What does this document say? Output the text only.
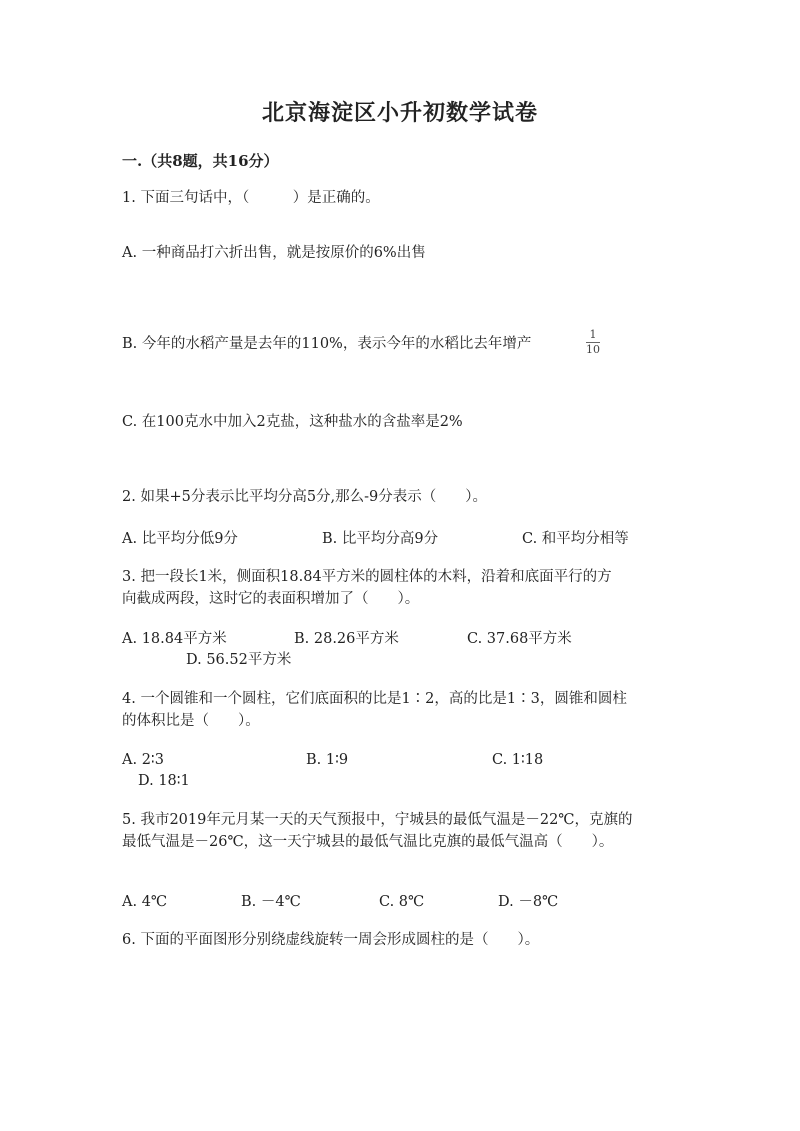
北京海淀区小升初数学试卷
一.（共8题，共16分）
1. 下面三句话中，（　　　）是正确的。
A. 一种商品打六折出售，就是按原价的6%出售
B. 今年的水稻产量是去年的110%，表示今年的水稻比去年增产
1
10
C. 在100克水中加入2克盐，这种盐水的含盐率是2%
2. 如果+5分表示比平均分高5分,那么-9分表示（　　）。
A. 比平均分低9分	B. 比平均分高9分	C. 和平均分相等
3. 把一段长1米，侧面积18.84平方米的圆柱体的木料，沿着和底面平行的方
向截成两段，这时它的表面积增加了（　　）。
A. 18.84平方米	B. 28.26平方米	C. 37.68平方米
D. 56.52平方米
4. 一个圆锥和一个圆柱，它们底面积的比是1∶2，高的比是1∶3，圆锥和圆柱
的体积比是（　　）。
A. 2∶3	B. 1∶9	C. 1∶18
D. 18∶1
5. 我市2019年元月某一天的天气预报中，宁城县的最低气温是－22℃，克旗的
最低气温是－26℃，这一天宁城县的最低气温比克旗的最低气温高（　　）。
A. 4℃	B. －4℃	C. 8℃	D. －8℃
6. 下面的平面图形分别绕虚线旋转一周会形成圆柱的是（　　）。
